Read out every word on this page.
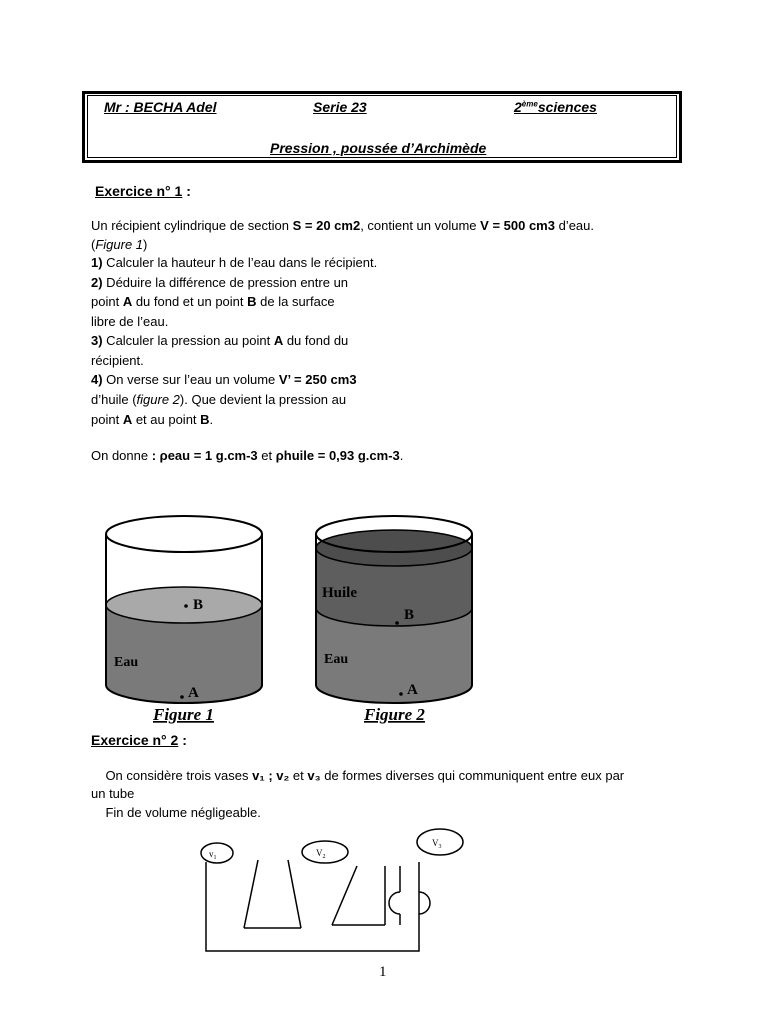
Mr : BECHA Adel	Serie 23	2èmesciences
Pression , poussée d’Archimède
Exercice n° 1 :
Un récipient cylindrique de section S = 20 cm2, contient un volume V = 500 cm3 d’eau.
(Figure 1)
1) Calculer la hauteur h de l’eau dans le récipient.
2) Déduire la différence de pression entre un
point A du fond et un point B de la surface
libre de l’eau.
3) Calculer la pression au point A du fond du
récipient.
4) On verse sur l’eau un volume V’ = 250 cm3
d’huile (figure 2). Que devient la pression au
point A et au point B.
On donne : ρeau = 1 g.cm-3 et ρhuile = 0,93 g.cm-3.
B
Eau
A
Figure 1
Huile
B
Eau
A
Figure 2
Exercice n° 2 :
On considère trois vases v₁ ; v₂ et v₃ de formes diverses qui communiquent entre eux par
un tube
Fin de volume négligeable.
$v_1$	$V_2$
$V_3$
1
